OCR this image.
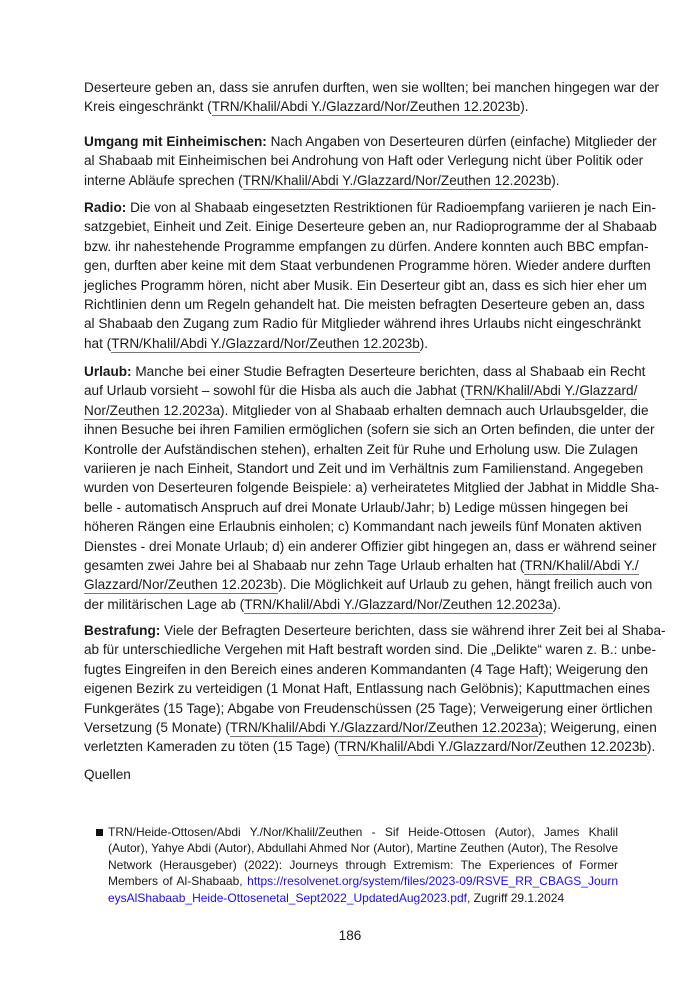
Deserteure geben an, dass sie anrufen durften, wen sie wollten; bei manchen hingegen war der
Kreis eingeschränkt (TRN/Khalil/Abdi Y./Glazzard/Nor/Zeuthen 12.2023b).
Umgang mit Einheimischen: Nach Angaben von Deserteuren dürfen (einfache) Mitglieder der
al Shabaab mit Einheimischen bei Androhung von Haft oder Verlegung nicht über Politik oder
interne Abläufe sprechen (TRN/Khalil/Abdi Y./Glazzard/Nor/Zeuthen 12.2023b).
Radio: Die von al Shabaab eingesetzten Restriktionen für Radioempfang variieren je nach Ein-
satzgebiet, Einheit und Zeit. Einige Deserteure geben an, nur Radioprogramme der al Shabaab
bzw. ihr nahestehende Programme empfangen zu dürfen. Andere konnten auch BBC empfan-
gen, durften aber keine mit dem Staat verbundenen Programme hören. Wieder andere durften
jegliches Programm hören, nicht aber Musik. Ein Deserteur gibt an, dass es sich hier eher um
Richtlinien denn um Regeln gehandelt hat. Die meisten befragten Deserteure geben an, dass
al Shabaab den Zugang zum Radio für Mitglieder während ihres Urlaubs nicht eingeschränkt
hat (TRN/Khalil/Abdi Y./Glazzard/Nor/Zeuthen 12.2023b).
Urlaub: Manche bei einer Studie Befragten Deserteure berichten, dass al Shabaab ein Recht
auf Urlaub vorsieht – sowohl für die Hisba als auch die Jabhat (TRN/Khalil/Abdi Y./Glazzard/
Nor/Zeuthen 12.2023a). Mitglieder von al Shabaab erhalten demnach auch Urlaubsgelder, die
ihnen Besuche bei ihren Familien ermöglichen (sofern sie sich an Orten befinden, die unter der
Kontrolle der Aufständischen stehen), erhalten Zeit für Ruhe und Erholung usw. Die Zulagen
variieren je nach Einheit, Standort und Zeit und im Verhältnis zum Familienstand. Angegeben
wurden von Deserteuren folgende Beispiele: a) verheiratetes Mitglied der Jabhat in Middle Sha-
belle - automatisch Anspruch auf drei Monate Urlaub/Jahr; b) Ledige müssen hingegen bei
höheren Rängen eine Erlaubnis einholen; c) Kommandant nach jeweils fünf Monaten aktiven
Dienstes - drei Monate Urlaub; d) ein anderer Offizier gibt hingegen an, dass er während seiner
gesamten zwei Jahre bei al Shabaab nur zehn Tage Urlaub erhalten hat (TRN/Khalil/Abdi Y./
Glazzard/Nor/Zeuthen 12.2023b). Die Möglichkeit auf Urlaub zu gehen, hängt freilich auch von
der militärischen Lage ab (TRN/Khalil/Abdi Y./Glazzard/Nor/Zeuthen 12.2023a).
Bestrafung: Viele der Befragten Deserteure berichten, dass sie während ihrer Zeit bei al Shaba-
ab für unterschiedliche Vergehen mit Haft bestraft worden sind. Die „Delikte“ waren z. B.: unbe-
fugtes Eingreifen in den Bereich eines anderen Kommandanten (4 Tage Haft); Weigerung den
eigenen Bezirk zu verteidigen (1 Monat Haft, Entlassung nach Gelöbnis); Kaputtmachen eines
Funkgerätes (15 Tage); Abgabe von Freudenschüssen (25 Tage); Verweigerung einer örtlichen
Versetzung (5 Monate) (TRN/Khalil/Abdi Y./Glazzard/Nor/Zeuthen 12.2023a); Weigerung, einen
verletzten Kameraden zu töten (15 Tage) (TRN/Khalil/Abdi Y./Glazzard/Nor/Zeuthen 12.2023b).
Quellen
TRN/Heide-Ottosen/Abdi Y./Nor/Khalil/Zeuthen - Sif Heide-Ottosen (Autor), James Khalil (Autor), Yahye Abdi (Autor), Abdullahi Ahmed Nor (Autor), Martine Zeuthen (Autor), The Resolve Network (Herausgeber) (2022): Journeys through Extremism: The Experiences of Former Members of Al-Shabaab, https://resolvenet.org/system/files/2023-09/RSVE_RR_CBAGS_JourneysAlShabaab_Heide-Ottosenetal_Sept2022_UpdatedAug2023.pdf, Zugriff 29.1.2024
186
